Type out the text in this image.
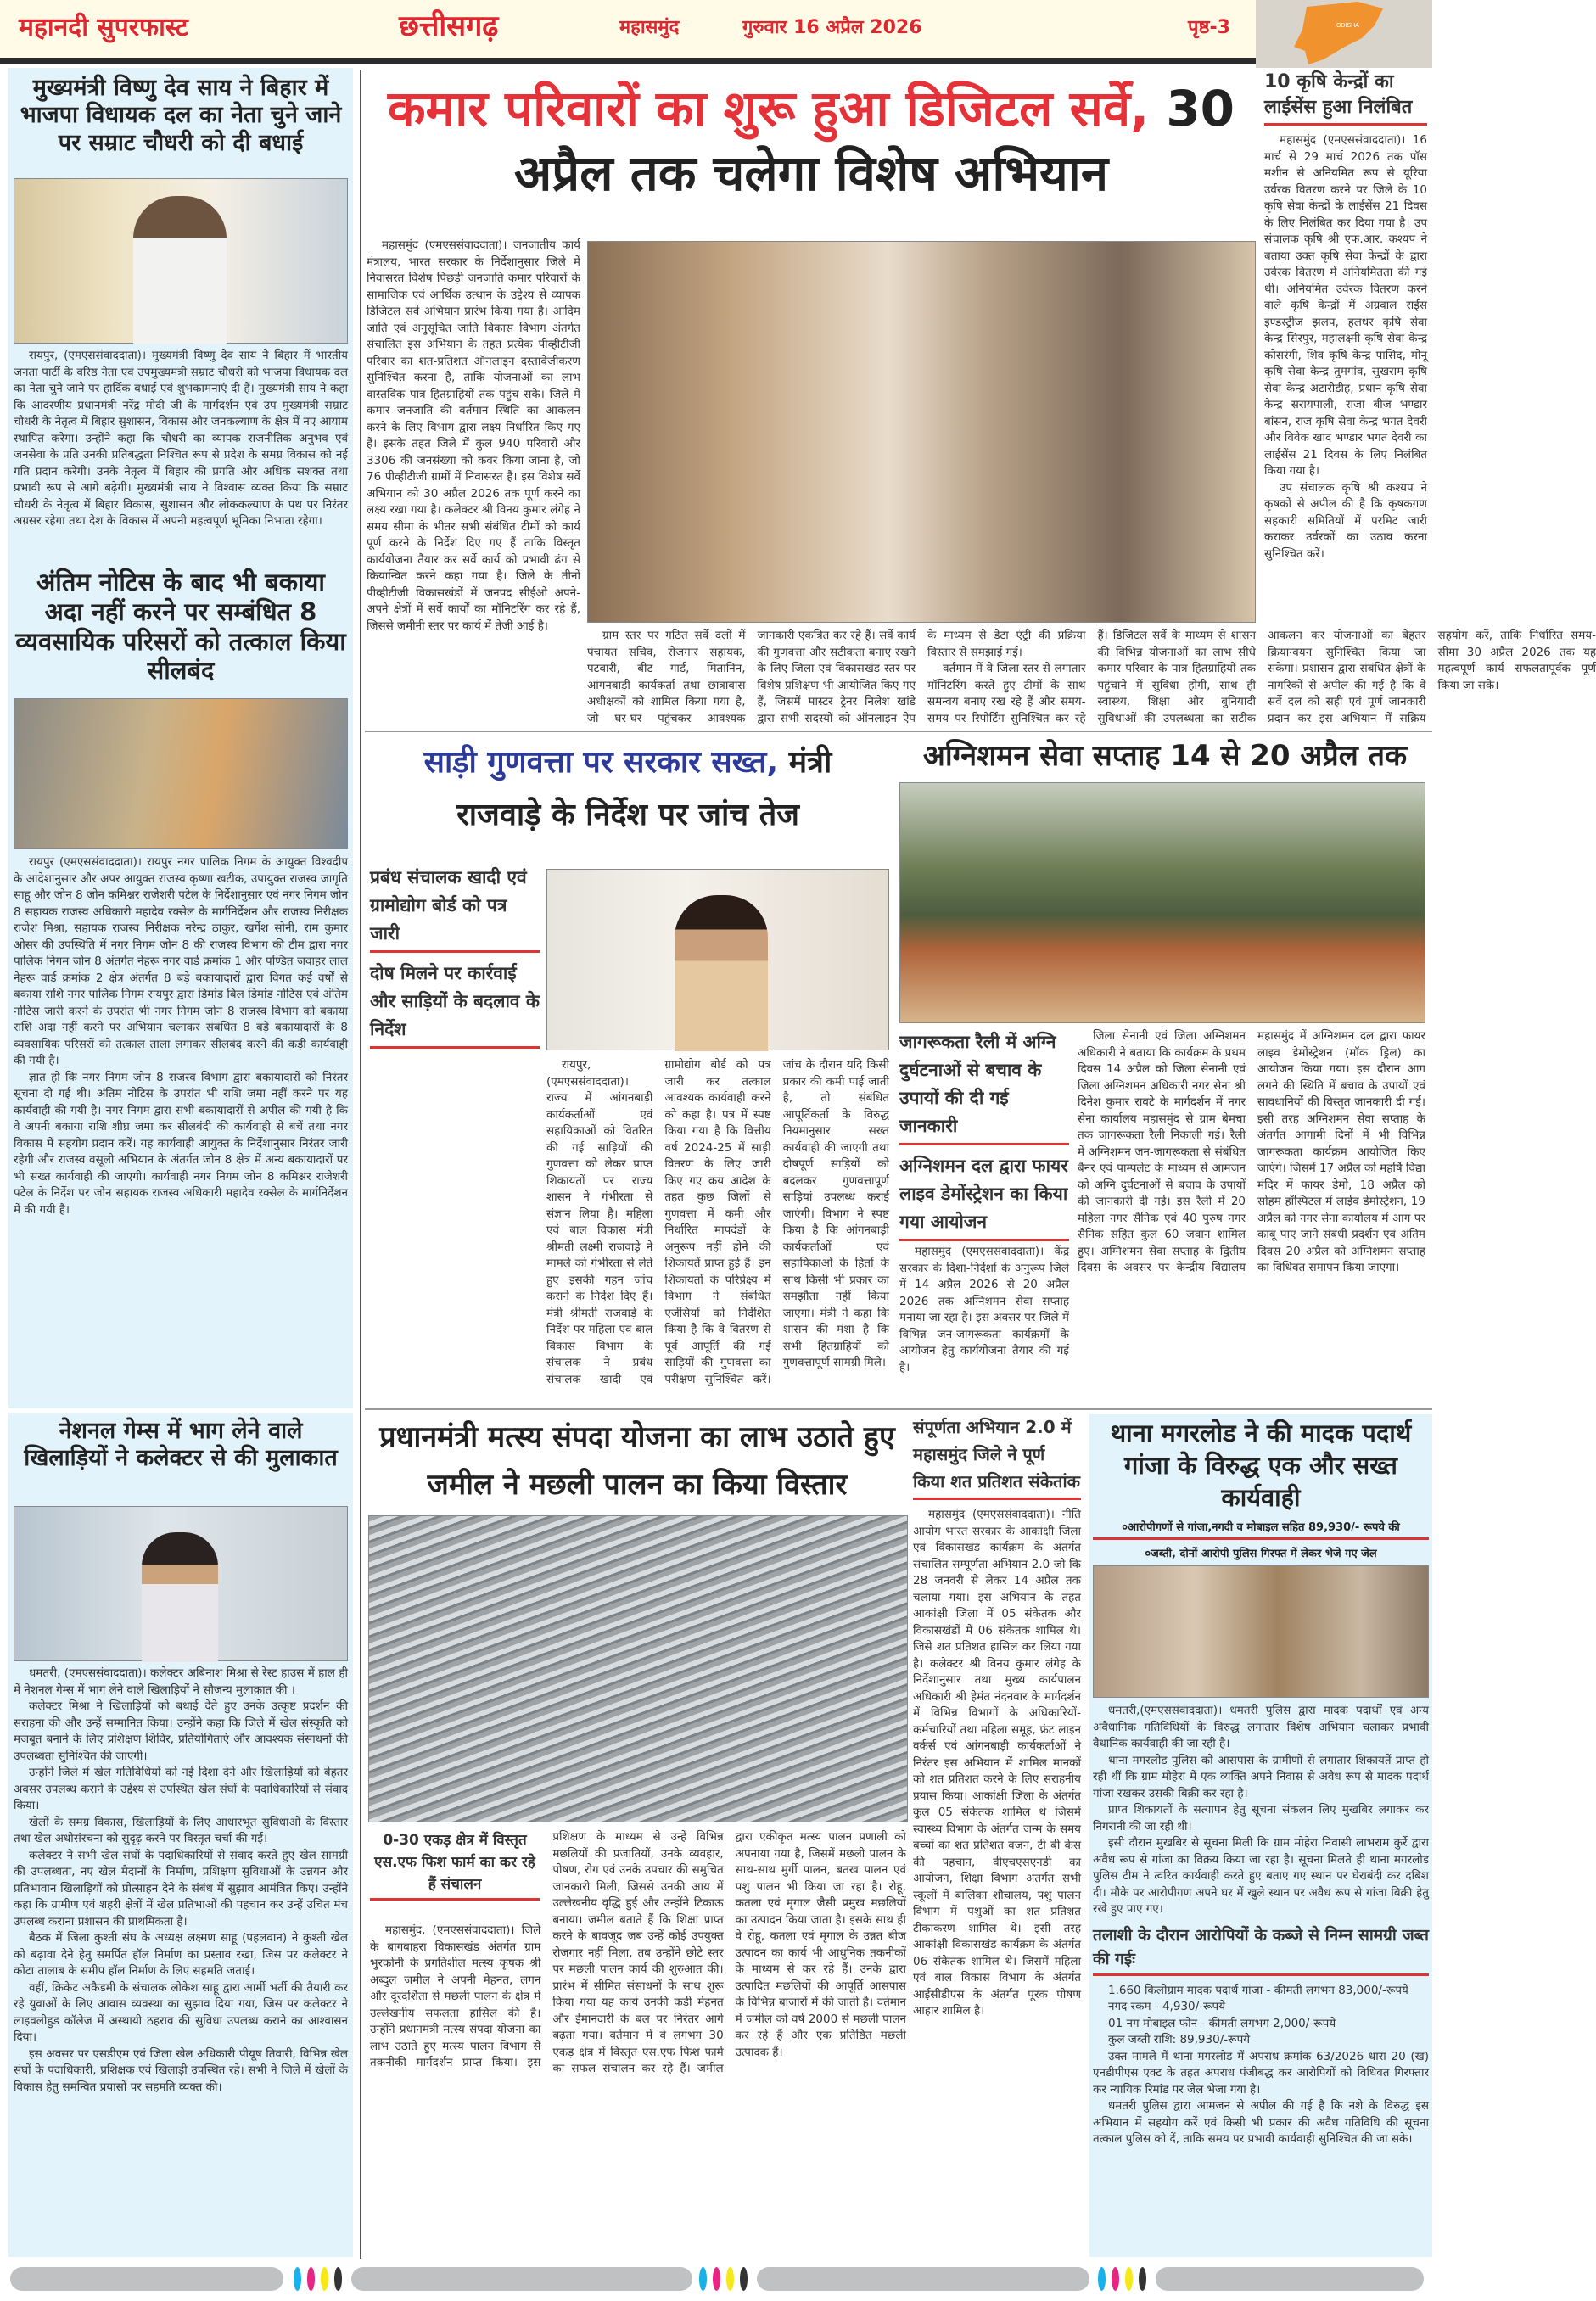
महानदी सुपरफास्ट	छत्तीसगढ़	महासमुंद	गुरुवार 16 अप्रैल 2026	पृष्ठ-3	ODISHA
मुख्यमंत्री विष्णु देव साय ने बिहार में भाजपा विधायक दल का नेता चुने जाने पर सम्राट चौधरी को दी बधाई

रायपुर, (एमएससंवाददाता)। मुख्यमंत्री विष्णु देव साय ने बिहार में भारतीय जनता पार्टी के वरिष्ठ नेता एवं उपमुख्यमंत्री सम्राट चौधरी को भाजपा विधायक दल का नेता चुने जाने पर हार्दिक बधाई एवं शुभकामनाएं दी हैं। मुख्यमंत्री साय ने कहा कि आदरणीय प्रधानमंत्री नरेंद्र मोदी जी के मार्गदर्शन एवं उप मुख्यमंत्री सम्राट चौधरी के नेतृत्व में बिहार सुशासन, विकास और जनकल्याण के क्षेत्र में नए आयाम स्थापित करेगा। उन्होंने कहा कि चौधरी का व्यापक राजनीतिक अनुभव एवं जनसेवा के प्रति उनकी प्रतिबद्धता निश्चित रूप से प्रदेश के समग्र विकास को नई गति प्रदान करेगी। उनके नेतृत्व में बिहार की प्रगति और अधिक सशक्त तथा प्रभावी रूप से आगे बढ़ेगी। मुख्यमंत्री साय ने विश्वास व्यक्त किया कि सम्राट चौधरी के नेतृत्व में बिहार विकास, सुशासन और लोककल्याण के पथ पर निरंतर अग्रसर रहेगा तथा देश के विकास में अपनी महत्वपूर्ण भूमिका निभाता रहेगा।

अंतिम नोटिस के बाद भी बकाया अदा नहीं करने पर सम्बंधित 8 व्यवसायिक परिसरों को तत्काल किया सीलबंद

रायपुर (एमएससंवाददाता)। रायपुर नगर पालिक निगम के आयुक्त विश्वदीप के आदेशानुसार और अपर आयुक्त राजस्व कृष्णा खटीक, उपायुक्त राजस्व जागृति साहू और जोन 8 जोन कमिश्नर राजेशरी पटेल के निर्देशानुसार एवं नगर निगम जोन 8 सहायक राजस्व अधिकारी महादेव रक्सेल के मार्गनिर्देशन और राजस्व निरीक्षक राजेश मिश्रा, सहायक राजस्व निरीक्षक नरेन्द्र ठाकुर, खर्गेश सोनी, राम कुमार ओसर की उपस्थिति में नगर निगम जोन 8 की राजस्व विभाग की टीम द्वारा नगर पालिक निगम जोन 8 अंतर्गत नेहरू नगर वार्ड क्रमांक 1 और पण्डित जवाहर लाल नेहरू वार्ड क्रमांक 2 क्षेत्र अंतर्गत 8 बड़े बकायादारों द्वारा विगत कई वर्षों से बकाया राशि नगर पालिक निगम रायपुर द्वारा डिमांड बिल डिमांड नोटिस एवं अंतिम नोटिस जारी करने के उपरांत भी नगर निगम जोन 8 राजस्व विभाग को बकाया राशि अदा नहीं करने पर अभियान चलाकर संबंधित 8 बड़े बकायादारों के 8 व्यवसायिक परिसरों को तत्काल ताला लगाकर सीलबंद करने की कड़ी कार्यवाही की गयी है।

ज्ञात हो कि नगर निगम जोन 8 राजस्व विभाग द्वारा बकायादारों को निरंतर सूचना दी गई थी। अंतिम नोटिस के उपरांत भी राशि जमा नहीं करने पर यह कार्यवाही की गयी है। नगर निगम द्वारा सभी बकायादारों से अपील की गयी है कि वे अपनी बकाया राशि शीघ्र जमा कर सीलबंदी की कार्यवाही से बचें तथा नगर विकास में सहयोग प्रदान करें। यह कार्यवाही आयुक्त के निर्देशानुसार निरंतर जारी रहेगी और राजस्व वसूली अभियान के अंतर्गत जोन 8 क्षेत्र में अन्य बकायादारों पर भी सख्त कार्यवाही की जाएगी। कार्यवाही नगर निगम जोन 8 कमिश्नर राजेशरी पटेल के निर्देश पर जोन सहायक राजस्व अधिकारी महादेव रक्सेल के मार्गनिर्देशन में की गयी है।

नेशनल गेम्स में भाग लेने वाले खिलाड़ियों ने कलेक्टर से की मुलाकात

धमतरी, (एमएससंवाददाता)। कलेक्टर अबिनाश मिश्रा से रेस्ट हाउस में हाल ही में नेशनल गेम्स में भाग लेने वाले खिलाड़ियों ने सौजन्य मुलाक़ात की ।

कलेक्टर मिश्रा ने खिलाड़ियों को बधाई देते हुए उनके उत्कृष्ट प्रदर्शन की सराहना की और उन्हें सम्मानित किया। उन्होंने कहा कि जिले में खेल संस्कृति को मजबूत बनाने के लिए प्रशिक्षण शिविर, प्रतियोगिताएं और आवश्यक संसाधनों की उपलब्धता सुनिश्चित की जाएगी।

उन्होंने जिले में खेल गतिविधियों को नई दिशा देने और खिलाड़ियों को बेहतर अवसर उपलब्ध कराने के उद्देश्य से उपस्थित खेल संघों के पदाधिकारियों से संवाद किया।

खेलों के समग्र विकास, खिलाड़ियों के लिए आधारभूत सुविधाओं के विस्तार तथा खेल अधोसंरचना को सुदृढ़ करने पर विस्तृत चर्चा की गई।

कलेक्टर ने सभी खेल संघों के पदाधिकारियों से संवाद करते हुए खेल सामग्री की उपलब्धता, नए खेल मैदानों के निर्माण, प्रशिक्षण सुविधाओं के उन्नयन और प्रतिभावान खिलाड़ियों को प्रोत्साहन देने के संबंध में सुझाव आमंत्रित किए। उन्होंने कहा कि ग्रामीण एवं शहरी क्षेत्रों में खेल प्रतिभाओं की पहचान कर उन्हें उचित मंच उपलब्ध कराना प्रशासन की प्राथमिकता है।

बैठक में जिला कुश्ती संघ के अध्यक्ष लक्ष्मण साहू (पहलवान) ने कुश्ती खेल को बढ़ावा देने हेतु समर्पित हॉल निर्माण का प्रस्ताव रखा, जिस पर कलेक्टर ने कोटा तालाब के समीप हॉल निर्माण के लिए सहमति जताई।

वहीं, क्रिकेट अकैडमी के संचालक लोकेश साहू द्वारा आर्मी भर्ती की तैयारी कर रहे युवाओं के लिए आवास व्यवस्था का सुझाव दिया गया, जिस पर कलेक्टर ने लाइवलीहुड कॉलेज में अस्थायी ठहराव की सुविधा उपलब्ध कराने का आश्वासन दिया।

इस अवसर पर एसडीएम एवं जिला खेल अधिकारी पीयूष तिवारी, विभिन्न खेल संघों के पदाधिकारी, प्रशिक्षक एवं खिलाड़ी उपस्थित रहे। सभी ने जिले में खेलों के विकास हेतु समन्वित प्रयासों पर सहमति व्यक्त की।

कमार परिवारों का शुरू हुआ डिजिटल सर्वे, 30 अप्रैल तक चलेगा विशेष अभियान

महासमुंद (एमएससंवाददाता)। जनजातीय कार्य मंत्रालय, भारत सरकार के निर्देशानुसार जिले में निवासरत विशेष पिछड़ी जनजाति कमार परिवारों के सामाजिक एवं आर्थिक उत्थान के उद्देश्य से व्यापक डिजिटल सर्वे अभियान प्रारंभ किया गया है। आदिम जाति एवं अनुसूचित जाति विकास विभाग अंतर्गत संचालित इस अभियान के तहत प्रत्येक पीव्हीटीजी परिवार का शत-प्रतिशत ऑनलाइन दस्तावेजीकरण सुनिश्चित करना है, ताकि योजनाओं का लाभ वास्तविक पात्र हितग्राहियों तक पहुंच सके। जिले में कमार जनजाति की वर्तमान स्थिति का आकलन करने के लिए विभाग द्वारा लक्ष्य निर्धारित किए गए हैं। इसके तहत जिले में कुल 940 परिवारों और 3306 की जनसंख्या को कवर किया जाना है, जो 76 पीव्हीटीजी ग्रामों में निवासरत हैं। इस विशेष सर्वे अभियान को 30 अप्रैल 2026 तक पूर्ण करने का लक्ष्य रखा गया है। कलेक्टर श्री विनय कुमार लंगेह ने समय सीमा के भीतर सभी संबंधित टीमों को कार्य पूर्ण करने के निर्देश दिए गए हैं ताकि विस्तृत कार्ययोजना तैयार कर सर्वे कार्य को प्रभावी ढंग से क्रियान्वित करने कहा गया है। जिले के तीनों पीव्हीटीजी विकासखंडों में जनपद सीईओ अपने-अपने क्षेत्रों में सर्वे कार्यों का मॉनिटरिंग कर रहे हैं, जिससे जमीनी स्तर पर कार्य में तेजी आई है।

ग्राम स्तर पर गठित सर्वे दलों में पंचायत सचिव, रोजगार सहायक, पटवारी, बीट गार्ड, मितानिन, आंगनबाड़ी कार्यकर्ता तथा छात्रावास अधीक्षकों को शामिल किया गया है, जो घर-घर पहुंचकर आवश्यक जानकारी एकत्रित कर रहे हैं। सर्वे कार्य की गुणवत्ता और सटीकता बनाए रखने के लिए जिला एवं विकासखंड स्तर पर विशेष प्रशिक्षण भी आयोजित किए गए हैं, जिसमें मास्टर ट्रेनर निलेश खांडे द्वारा सभी सदस्यों को ऑनलाइन ऐप के माध्यम से डेटा एंट्री की प्रक्रिया विस्तार से समझाई गई।

वर्तमान में वे जिला स्तर से लगातार मॉनिटरिंग करते हुए टीमों के साथ समन्वय बनाए रख रहे हैं और समय-समय पर रिपोर्टिंग सुनिश्चित कर रहे हैं। डिजिटल सर्वे के माध्यम से शासन की विभिन्न योजनाओं का लाभ सीधे कमार परिवार के पात्र हितग्राहियों तक पहुंचाने में सुविधा होगी, साथ ही स्वास्थ्य, शिक्षा और बुनियादी सुविधाओं की उपलब्धता का सटीक आकलन कर योजनाओं का बेहतर क्रियान्वयन सुनिश्चित किया जा सकेगा। प्रशासन द्वारा संबंधित क्षेत्रों के नागरिकों से अपील की गई है कि वे सर्वे दल को सही एवं पूर्ण जानकारी प्रदान कर इस अभियान में सक्रिय सहयोग करें, ताकि निर्धारित समय-सीमा 30 अप्रैल 2026 तक यह महत्वपूर्ण कार्य सफलतापूर्वक पूर्ण किया जा सके।

10 कृषि केन्द्रों का लाईसेंस हुआ निलंबित

महासमुंद (एमएससंवाददाता)। 16 मार्च से 29 मार्च 2026 तक पॉस मशीन से अनियमित रूप से यूरिया उर्वरक वितरण करने पर जिले के 10 कृषि सेवा केन्द्रों के लाईसेंस 21 दिवस के लिए निलंबित कर दिया गया है। उप संचालक कृषि श्री एफ.आर. कश्यप ने बताया उक्त कृषि सेवा केन्द्रों के द्वारा उर्वरक वितरण में अनियमितता की गई थी। अनियमित उर्वरक वितरण करने वाले कृषि केन्द्रों में अग्रवाल राईस इण्डस्ट्रीज झलप, हलधर कृषि सेवा केन्द्र सिरपुर, महालक्ष्मी कृषि सेवा केन्द्र कोसरंगी, शिव कृषि केन्द्र पासिद, मोनू कृषि सेवा केन्द्र तुमगांव, सुखराम कृषि सेवा केन्द्र अटारीडीह, प्रधान कृषि सेवा केन्द्र सरायपाली, राजा बीज भण्डार बांसन, राज कृषि सेवा केन्द्र भगत देवरी और विवेक खाद भण्डार भगत देवरी का लाईसेंस 21 दिवस के लिए निलंबित किया गया है।

उप संचालक कृषि श्री कश्यप ने कृषकों से अपील की है कि कृषकगण सहकारी समितियों में परमिट जारी कराकर उर्वरकों का उठाव करना सुनिश्चित करें।

साड़ी गुणवत्ता पर सरकार सख्त, मंत्री
राजवाड़े के निर्देश पर जांच तेज
प्रबंध संचालक खादी एवं ग्रामोद्योग बोर्ड को पत्र जारी
दोष मिलने पर कार्रवाई और साड़ियों के बदलाव के निर्देश

रायपुर, (एमएससंवाददाता)। राज्य में आंगनबाड़ी कार्यकर्ताओं एवं सहायिकाओं को वितरित की गई साड़ियों की गुणवत्ता को लेकर प्राप्त शिकायतों पर राज्य शासन ने गंभीरता से संज्ञान लिया है। महिला एवं बाल विकास मंत्री श्रीमती लक्ष्मी राजवाड़े ने मामले को गंभीरता से लेते हुए इसकी गहन जांच कराने के निर्देश दिए हैं। मंत्री श्रीमती राजवाड़े के निर्देश पर महिला एवं बाल विकास विभाग के संचालक ने प्रबंध संचालक खादी एवं ग्रामोद्योग बोर्ड को पत्र जारी कर तत्काल आवश्यक कार्यवाही करने को कहा है। पत्र में स्पष्ट किया गया है कि वित्तीय वर्ष 2024-25 में साड़ी वितरण के लिए जारी किए गए क्रय आदेश के तहत कुछ जिलों से गुणवत्ता में कमी और निर्धारित मापदंडों के अनुरूप नहीं होने की शिकायतें प्राप्त हुई हैं। इन शिकायतों के परिप्रेक्ष्य में विभाग ने संबंधित एजेंसियों को निर्देशित किया है कि वे वितरण से पूर्व आपूर्ति की गई साड़ियों की गुणवत्ता का परीक्षण सुनिश्चित करें। जांच के दौरान यदि किसी प्रकार की कमी पाई जाती है, तो संबंधित आपूर्तिकर्ता के विरुद्ध नियमानुसार सख्त कार्यवाही की जाएगी तथा दोषपूर्ण साड़ियों को बदलकर गुणवत्तापूर्ण साड़ियां उपलब्ध कराई जाएंगी। विभाग ने स्पष्ट किया है कि आंगनबाड़ी कार्यकर्ताओं एवं सहायिकाओं के हितों के साथ किसी भी प्रकार का समझौता नहीं किया जाएगा। मंत्री ने कहा कि शासन की मंशा है कि सभी हितग्राहियों को गुणवत्तापूर्ण सामग्री मिले।

अग्निशमन सेवा सप्ताह 14 से 20 अप्रैल तक
जागरूकता रैली में अग्नि दुर्घटनाओं से बचाव के उपायों की दी गई जानकारी
अग्निशमन दल द्वारा फायर लाइव डेमोंस्ट्रेशन का किया गया आयोजन

महासमुंद (एमएससंवाददाता)। केंद्र सरकार के दिशा-निर्देशों के अनुरूप जिले में 14 अप्रैल 2026 से 20 अप्रैल 2026 तक अग्निशमन सेवा सप्ताह मनाया जा रहा है। इस अवसर पर जिले में विभिन्न जन-जागरूकता कार्यक्रमों के आयोजन हेतु कार्ययोजना तैयार की गई है।

जिला सेनानी एवं जिला अग्निशमन अधिकारी ने बताया कि कार्यक्रम के प्रथम दिवस 14 अप्रैल को जिला सेनानी एवं जिला अग्निशमन अधिकारी नगर सेना श्री दिनेश कुमार रावटे के मार्गदर्शन में नगर सेना कार्यालय महासमुंद से ग्राम बेमचा तक जागरूकता रैली निकाली गई। रैली में अग्निशमन जन-जागरूकता से संबंधित बैनर एवं पाम्पलेट के माध्यम से आमजन को अग्नि दुर्घटनाओं से बचाव के उपायों की जानकारी दी गई। इस रैली में 20 महिला नगर सैनिक एवं 40 पुरुष नगर सैनिक सहित कुल 60 जवान शामिल हुए। अग्निशमन सेवा सप्ताह के द्वितीय दिवस के अवसर पर केन्द्रीय विद्यालय महासमुंद में अग्निशमन दल द्वारा फायर लाइव डेमोंस्ट्रेशन (मॉक ड्रिल) का आयोजन किया गया। इस दौरान आग लगने की स्थिति में बचाव के उपायों एवं सावधानियों की विस्तृत जानकारी दी गई। इसी तरह अग्निशमन सेवा सप्ताह के अंतर्गत आगामी दिनों में भी विभिन्न जागरूकता कार्यक्रम आयोजित किए जाएंगे। जिसमें 17 अप्रैल को महर्षि विद्या मंदिर में फायर डेमो, 18 अप्रैल को सोहम हॉस्पिटल में लाईव डेमोस्ट्रेशन, 19 अप्रैल को नगर सेना कार्यालय में आग पर काबू पाए जाने संबंधी प्रदर्शन एवं अंतिम दिवस 20 अप्रैल को अग्निशमन सप्ताह का विधिवत समापन किया जाएगा।

प्रधानमंत्री मत्स्य संपदा योजना का लाभ उठाते हुए जमील ने मछली पालन का किया विस्तार
0-30 एकड़ क्षेत्र में विस्तृत एस.एफ फिश फार्म का कर रहे हैं संचालन

महासमुंद, (एमएससंवाददाता)। जिले के बागबाहरा विकासखंड अंतर्गत ग्राम भुरकोनी के प्रगतिशील मत्स्य कृषक श्री अब्दुल जमील ने अपनी मेहनत, लगन और दूरदर्शिता से मछली पालन के क्षेत्र में उल्लेखनीय सफलता हासिल की है। उन्होंने प्रधानमंत्री मत्स्य संपदा योजना का लाभ उठाते हुए मत्स्य पालन विभाग से तकनीकी मार्गदर्शन प्राप्त किया। इस प्रशिक्षण के माध्यम से उन्हें विभिन्न मछलियों की प्रजातियों, उनके व्यवहार, पोषण, रोग एवं उनके उपचार की समुचित जानकारी मिली, जिससे उनकी आय में उल्लेखनीय वृद्धि हुई और उन्होंने टिकाऊ बनाया। जमील बताते हैं कि शिक्षा प्राप्त करने के बावजूद जब उन्हें कोई उपयुक्त रोजगार नहीं मिला, तब उन्होंने छोटे स्तर पर मछली पालन कार्य की शुरुआत की। प्रारंभ में सीमित संसाधनों के साथ शुरू किया गया यह कार्य उनकी कड़ी मेहनत और ईमानदारी के बल पर निरंतर आगे बढ़ता गया। वर्तमान में वे लगभग 30 एकड़ क्षेत्र में विस्तृत एस.एफ फिश फार्म का सफल संचालन कर रहे हैं। जमील द्वारा एकीकृत मत्स्य पालन प्रणाली को अपनाया गया है, जिसमें मछली पालन के साथ-साथ मुर्गी पालन, बतख पालन एवं पशु पालन भी किया जा रहा है। रोहू, कतला एवं मृगाल जैसी प्रमुख मछलियों का उत्पादन किया जाता है। इसके साथ ही वे रोहू, कतला एवं मृगाल के उन्नत बीज उत्पादन का कार्य भी आधुनिक तकनीकों के माध्यम से कर रहे हैं। उनके द्वारा उत्पादित मछलियों की आपूर्ति आसपास के विभिन्न बाजारों में की जाती है। वर्तमान में जमील को वर्ष 2000 से मछली पालन कर रहे हैं और एक प्रतिष्ठित मछली उत्पादक हैं।

संपूर्णता अभियान 2.0 में महासमुंद जिले ने पूर्ण किया शत प्रतिशत संकेतांक

महासमुंद (एमएससंवाददाता)। नीति आयोग भारत सरकार के आकांक्षी जिला एवं विकासखंड कार्यक्रम के अंतर्गत संचालित सम्पूर्णता अभियान 2.0 जो कि 28 जनवरी से लेकर 14 अप्रैल तक चलाया गया। इस अभियान के तहत आकांक्षी जिला में 05 संकेतक और विकासखंडों में 06 संकेतक शामिल थे। जिसे शत प्रतिशत हासिल कर लिया गया है। कलेक्टर श्री विनय कुमार लंगेह के निर्देशानुसार तथा मुख्य कार्यपालन अधिकारी श्री हेमंत नंदनवार के मार्गदर्शन में विभिन्न विभागों के अधिकारियों-कर्मचारियों तथा महिला समूह, फ्रंट लाइन वर्कर्स एवं आंगनबाड़ी कार्यकर्ताओं ने निरंतर इस अभियान में शामिल मानकों को शत प्रतिशत करने के लिए सराहनीय प्रयास किया। आकांक्षी जिला के अंतर्गत कुल 05 संकेतक शामिल थे जिसमें स्वास्थ्य विभाग के अंतर्गत जन्म के समय बच्चों का शत प्रतिशत वजन, टी बी केस की पहचान, वीएचएसएनडी का आयोजन, शिक्षा विभाग अंतर्गत सभी स्कूलों में बालिका शौचालय, पशु पालन विभाग में पशुओं का शत प्रतिशत टीकाकरण शामिल थे। इसी तरह आकांक्षी विकासखंड कार्यक्रम के अंतर्गत 06 संकेतक शामिल थे। जिसमें महिला एवं बाल विकास विभाग के अंतर्गत आईसीडीएस के अंतर्गत पूरक पोषण आहार शामिल है।

थाना मगरलोड ने की मादक पदार्थ गांजा के विरुद्ध एक और सख्त कार्यवाही
०आरोपीगणों से गांजा,नगदी व मोबाइल सहित 89,930/- रूपये की
०जब्ती, दोनों आरोपी पुलिस गिरफ्त में लेकर भेजे गए जेल

धमतरी,(एमएससंवाददाता)। धमतरी पुलिस द्वारा मादक पदार्थों एवं अन्य अवैधानिक गतिविधियों के विरुद्ध लगातार विशेष अभियान चलाकर प्रभावी वैधानिक कार्यवाही की जा रही है।

थाना मगरलोड पुलिस को आसपास के ग्रामीणों से लगातार शिकायतें प्राप्त हो रही थीं कि ग्राम मोहेरा में एक व्यक्ति अपने निवास से अवैध रूप से मादक पदार्थ गांजा रखकर उसकी बिक्री कर रहा है।

प्राप्त शिकायतों के सत्यापन हेतु सूचना संकलन लिए मुखबिर लगाकर कर निगरानी की जा रही थी।

इसी दौरान मुखबिर से सूचना मिली कि ग्राम मोहेरा निवासी लाभराम कुर्रे द्वारा अवैध रूप से गांजा का विक्रय किया जा रहा है। सूचना मिलते ही थाना मगरलोड पुलिस टीम ने त्वरित कार्यवाही करते हुए बताए गए स्थान पर घेराबंदी कर दबिश दी। मौके पर आरोपीगण अपने घर में खुले स्थान पर अवैध रूप से गांजा बिक्री हेतु रखे हुए पाए गए।

तलाशी के दौरान आरोपियों के कब्जे से निम्न सामग्री जब्त की गईः

1.660 किलोग्राम मादक पदार्थ गांजा - कीमती लगभग 83,000/-रूपये

नगद रकम - 4,930/-रूपये

01 नग मोबाइल फोन - कीमती लगभग 2,000/-रूपये

कुल जब्ती राशि: 89,930/-रूपये

उक्त मामले में थाना मगरलोड में अपराध क्रमांक 63/2026 धारा 20 (ख) एनडीपीएस एक्ट के तहत अपराध पंजीबद्ध कर आरोपियों को विधिवत गिरफ्तार कर न्यायिक रिमांड पर जेल भेजा गया है।

धमतरी पुलिस द्वारा आमजन से अपील की गई है कि नशे के विरुद्ध इस अभियान में सहयोग करें एवं किसी भी प्रकार की अवैध गतिविधि की सूचना तत्काल पुलिस को दें, ताकि समय पर प्रभावी कार्यवाही सुनिश्चित की जा सके।
